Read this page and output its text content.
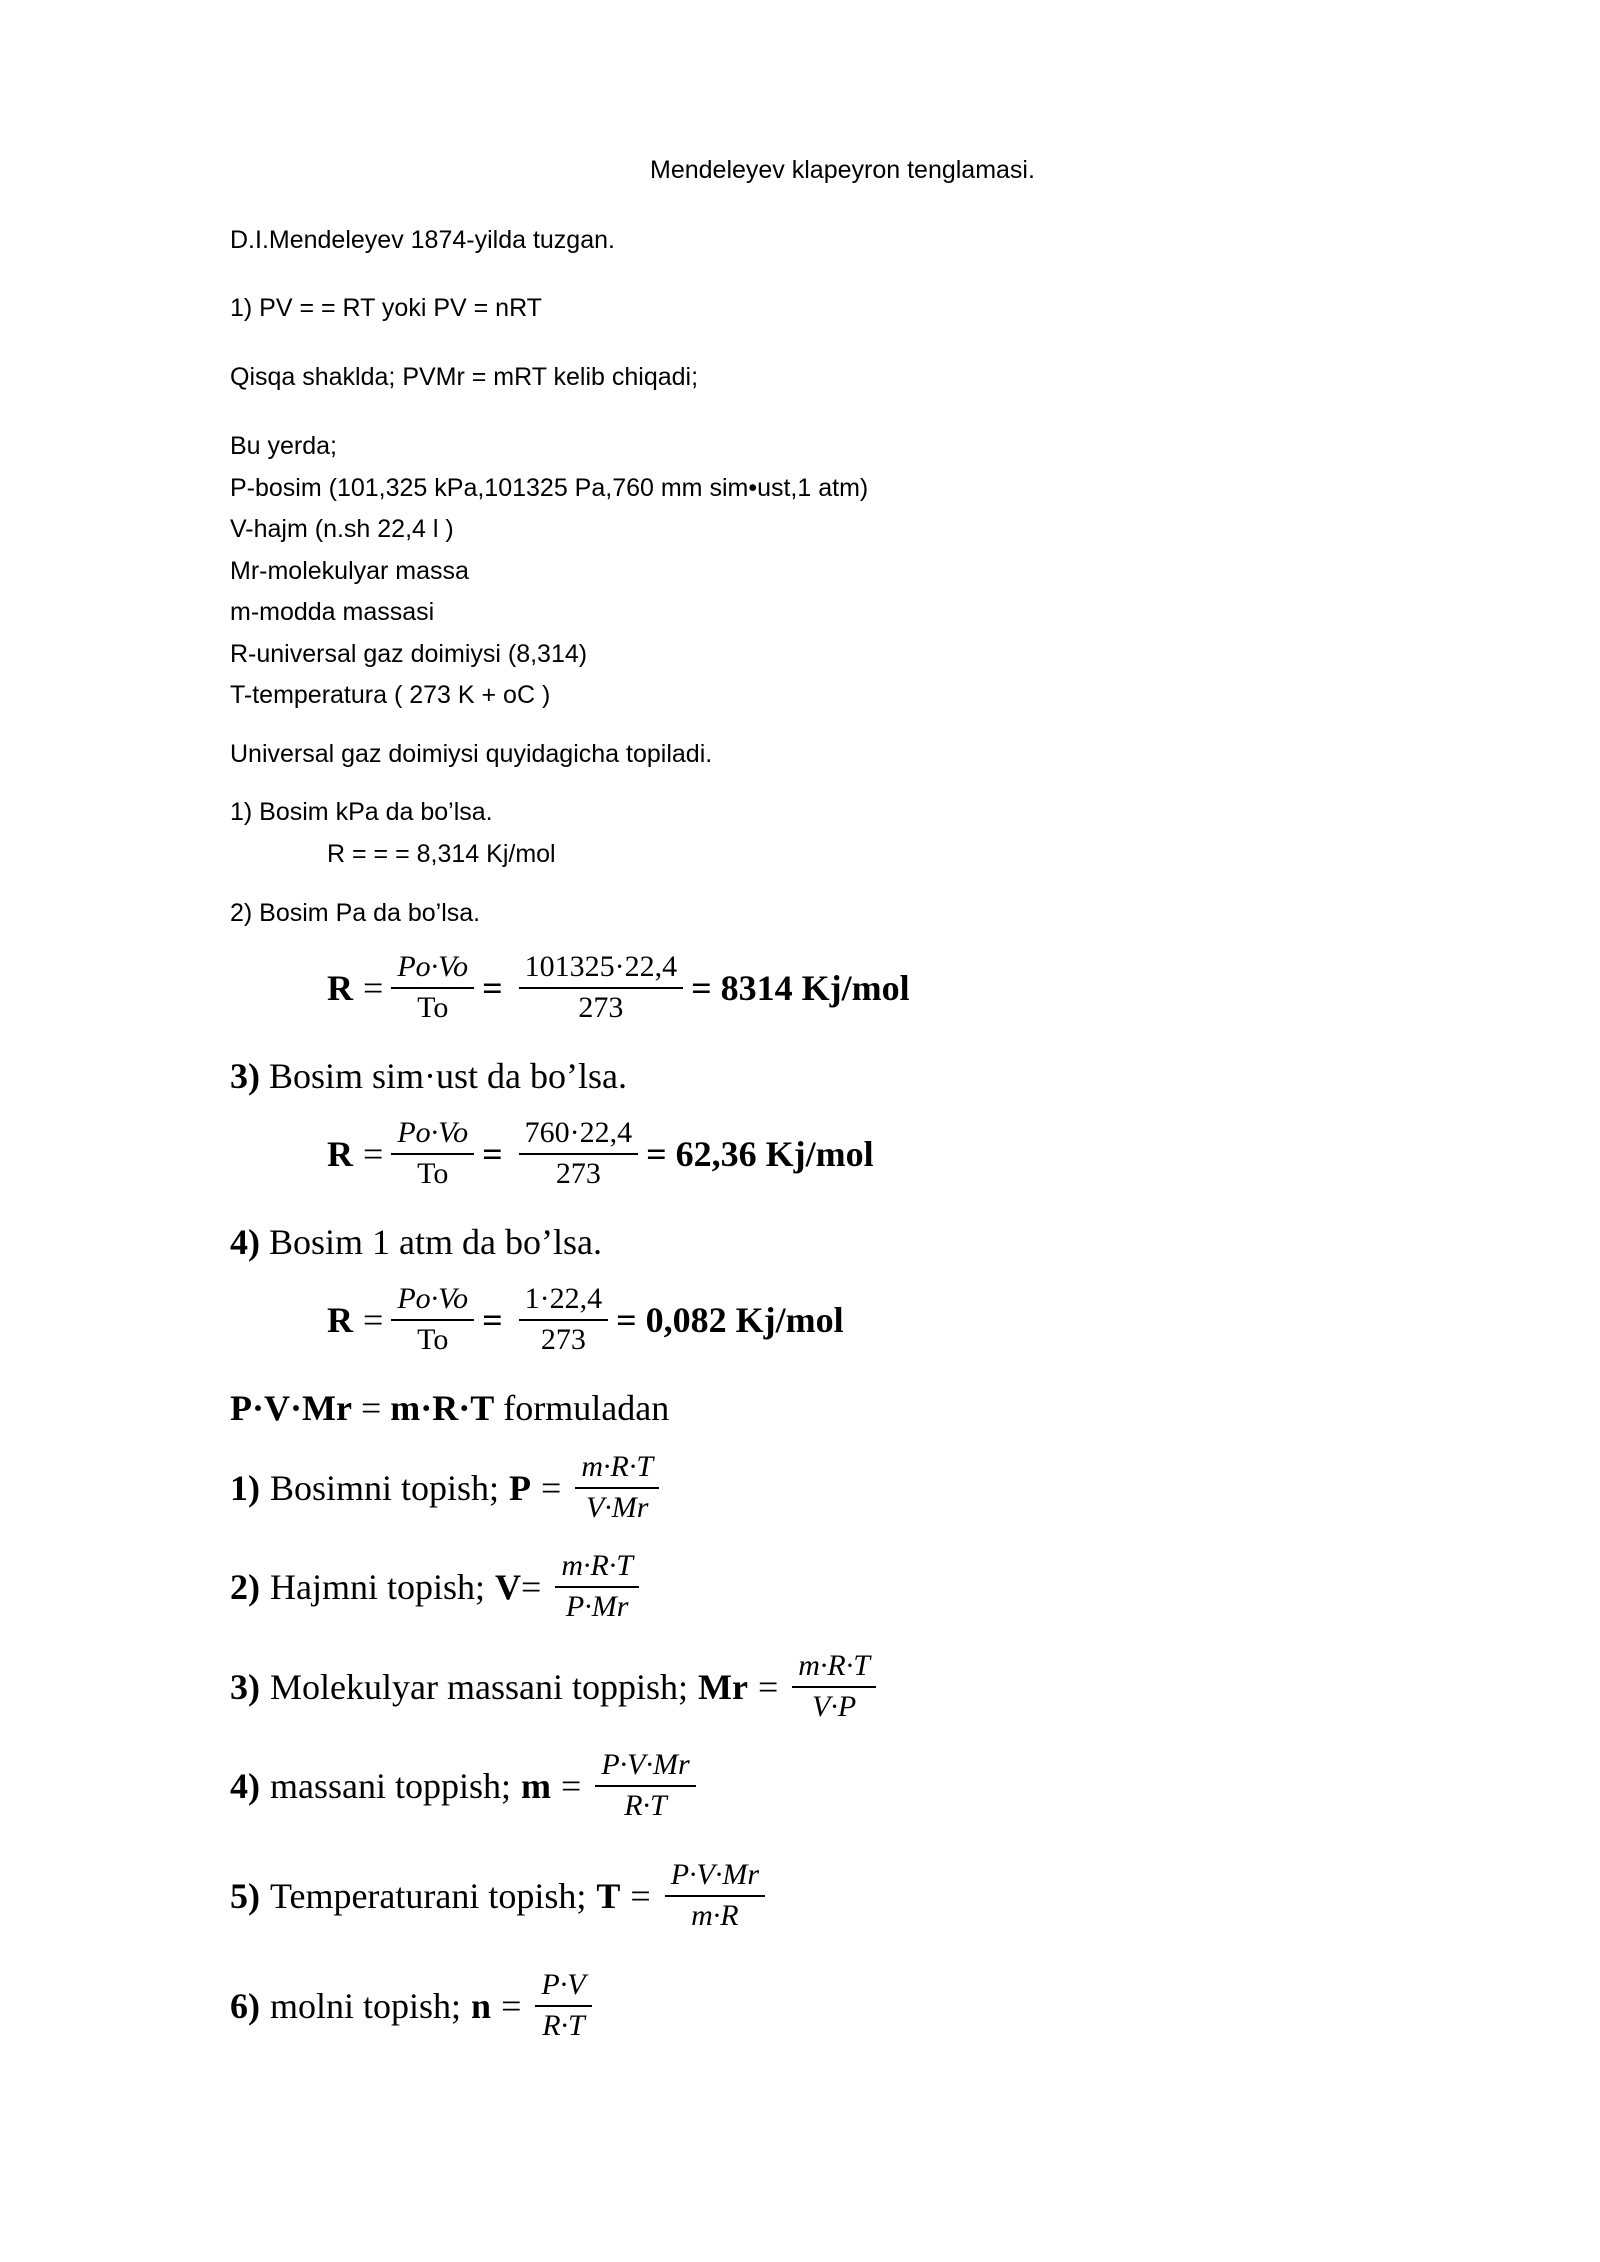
Mendeleyev klapeyron tenglamasi.
D.I.Mendeleyev 1874-yilda tuzgan.
1) PV = = RT yoki PV = nRT
Qisqa shaklda; PVMr = mRT kelib chiqadi;
Bu yerda;
P-bosim (101,325 kPa,101325 Pa,760 mm sim•ust,1 atm)
V-hajm (n.sh 22,4 l )
Mr-molekulyar massa
m-modda massasi
R-universal gaz doimiysi (8,314)
T-temperatura ( 273 K + oC )
Universal gaz doimiysi quyidagicha topiladi.
1) Bosim kPa da bo’lsa.
R = = = 8,314 Kj/mol
2) Bosim Pa da bo’lsa.
$R = \frac{Po\cdot Vo}{To} = \frac{101325\cdot 22,4}{273} = 8314$ Kj/mol
3) Bosim sim·ust da bo’lsa.
$R = \frac{Po\cdot Vo}{To} = \frac{760\cdot 22,4}{273} = 62,36$ Kj/mol
4) Bosim 1 atm da bo’lsa.
$R = \frac{Po\cdot Vo}{To} = \frac{1\cdot 22,4}{273} = 0,082$ Kj/mol
P·V·Mr = m·R·T formuladan
1) Bosimni topish; $P = \frac{m\cdot R\cdot T}{V\cdot Mr}$
2) Hajmni topish; $V = \frac{m\cdot R\cdot T}{P\cdot Mr}$
3) Molekulyar massani toppish; $Mr = \frac{m\cdot R\cdot T}{V\cdot P}$
4) massani toppish; $m = \frac{P\cdot V\cdot Mr}{R\cdot T}$
5) Temperaturani topish; $T = \frac{P\cdot V\cdot Mr}{m\cdot R}$
6) molni topish; $n = \frac{P\cdot V}{R\cdot T}$
